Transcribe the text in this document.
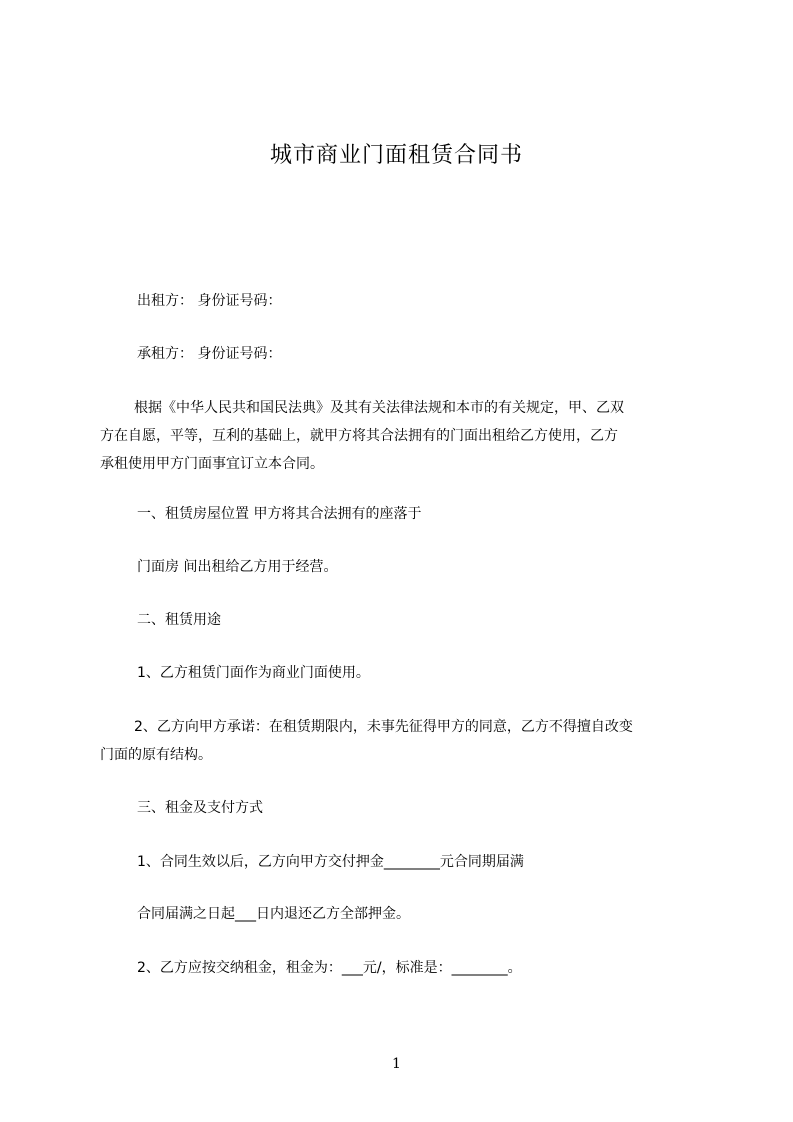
城市商业门面租赁合同书

出租方： 身份证号码：

承租方： 身份证号码：

根据《中华人民共和国民法典》及其有关法律法规和本市的有关规定，甲、乙双
方在自愿，平等，互利的基础上，就甲方将其合法拥有的门面出租给乙方使用，乙方
承租使用甲方门面事宜订立本合同。

一、租赁房屋位置 甲方将其合法拥有的座落于

门面房 间出租给乙方用于经营。

二、租赁用途

1、乙方租赁门面作为商业门面使用。

2、乙方向甲方承诺：在租赁期限内，未事先征得甲方的同意，乙方不得擅自改变
门面的原有结构。

三、租金及支付方式

1、合同生效以后，乙方向甲方交付押金________元合同期届满

合同届满之日起___日内退还乙方全部押金。

2、乙方应按交纳租金，租金为：___元/，标准是：________。

1
